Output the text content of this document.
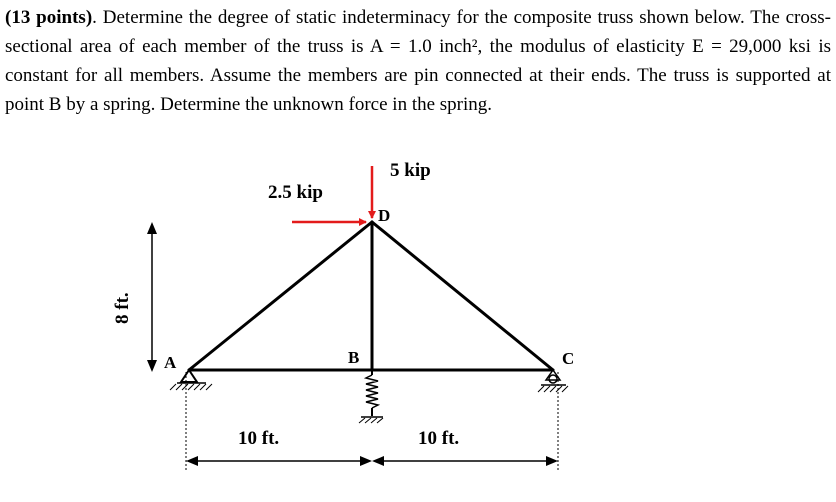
(13 points). Determine the degree of static indeterminacy for the composite truss shown below. The cross-sectional area of each member of the truss is A = 1.0 inch², the modulus of elasticity E = 29,000 ksi is constant for all members. Assume the members are pin connected at their ends. The truss is supported at point B by a spring. Determine the unknown force in the spring.
5 kip
2.5 kip
D
A	B	C
8 ft.
10 ft.	10 ft.
